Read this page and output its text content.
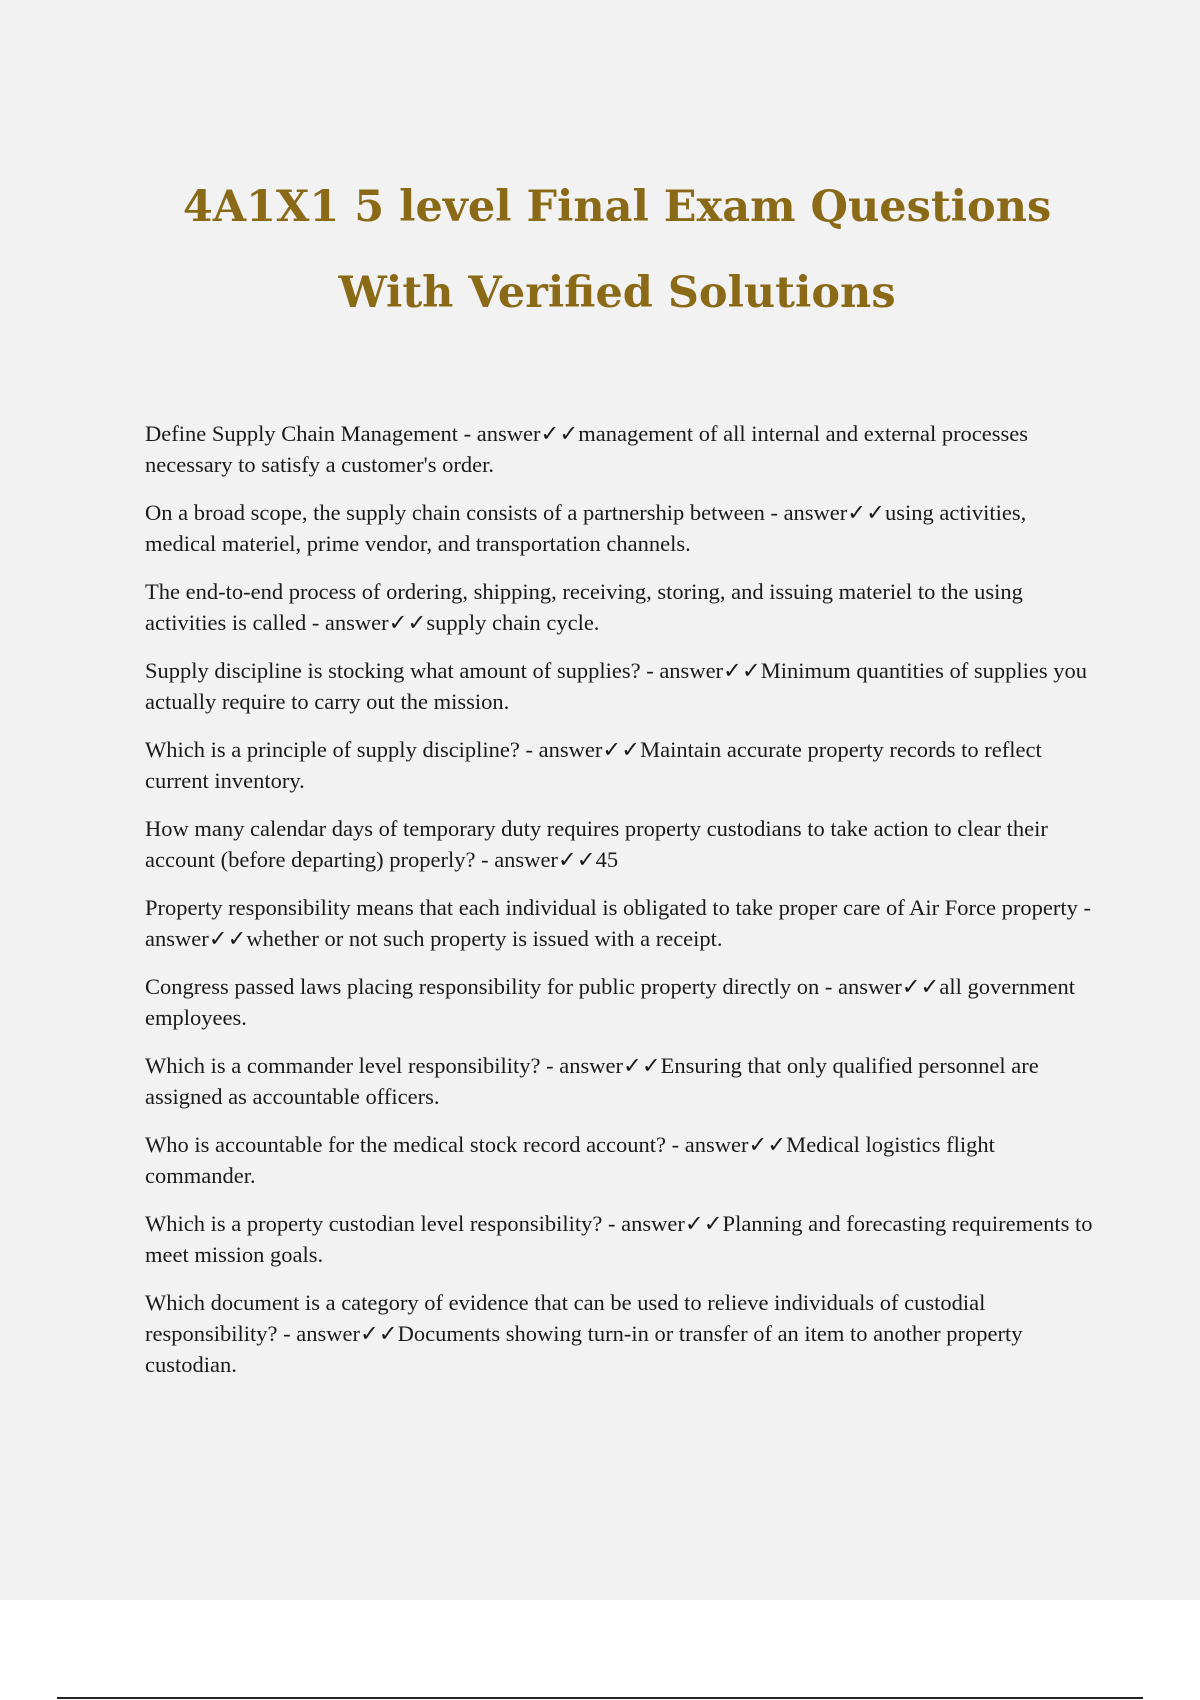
4A1X1 5 level Final Exam Questions

With Verified Solutions

Define Supply Chain Management - answer✓✓management of all internal and external processes necessary to satisfy a customer's order.
On a broad scope, the supply chain consists of a partnership between - answer✓✓using activities, medical materiel, prime vendor, and transportation channels.
The end-to-end process of ordering, shipping, receiving, storing, and issuing materiel to the using activities is called - answer✓✓supply chain cycle.
Supply discipline is stocking what amount of supplies? - answer✓✓Minimum quantities of supplies you actually require to carry out the mission.
Which is a principle of supply discipline? - answer✓✓Maintain accurate property records to reflect current inventory.
How many calendar days of temporary duty requires property custodians to take action to clear their account (before departing) properly? - answer✓✓45
Property responsibility means that each individual is obligated to take proper care of Air Force property - answer✓✓whether or not such property is issued with a receipt.
Congress passed laws placing responsibility for public property directly on - answer✓✓all government employees.
Which is a commander level responsibility? - answer✓✓Ensuring that only qualified personnel are assigned as accountable officers.
Who is accountable for the medical stock record account? - answer✓✓Medical logistics flight commander.
Which is a property custodian level responsibility? - answer✓✓Planning and forecasting requirements to meet mission goals.
Which document is a category of evidence that can be used to relieve individuals of custodial responsibility? - answer✓✓Documents showing turn-in or transfer of an item to another property custodian.
